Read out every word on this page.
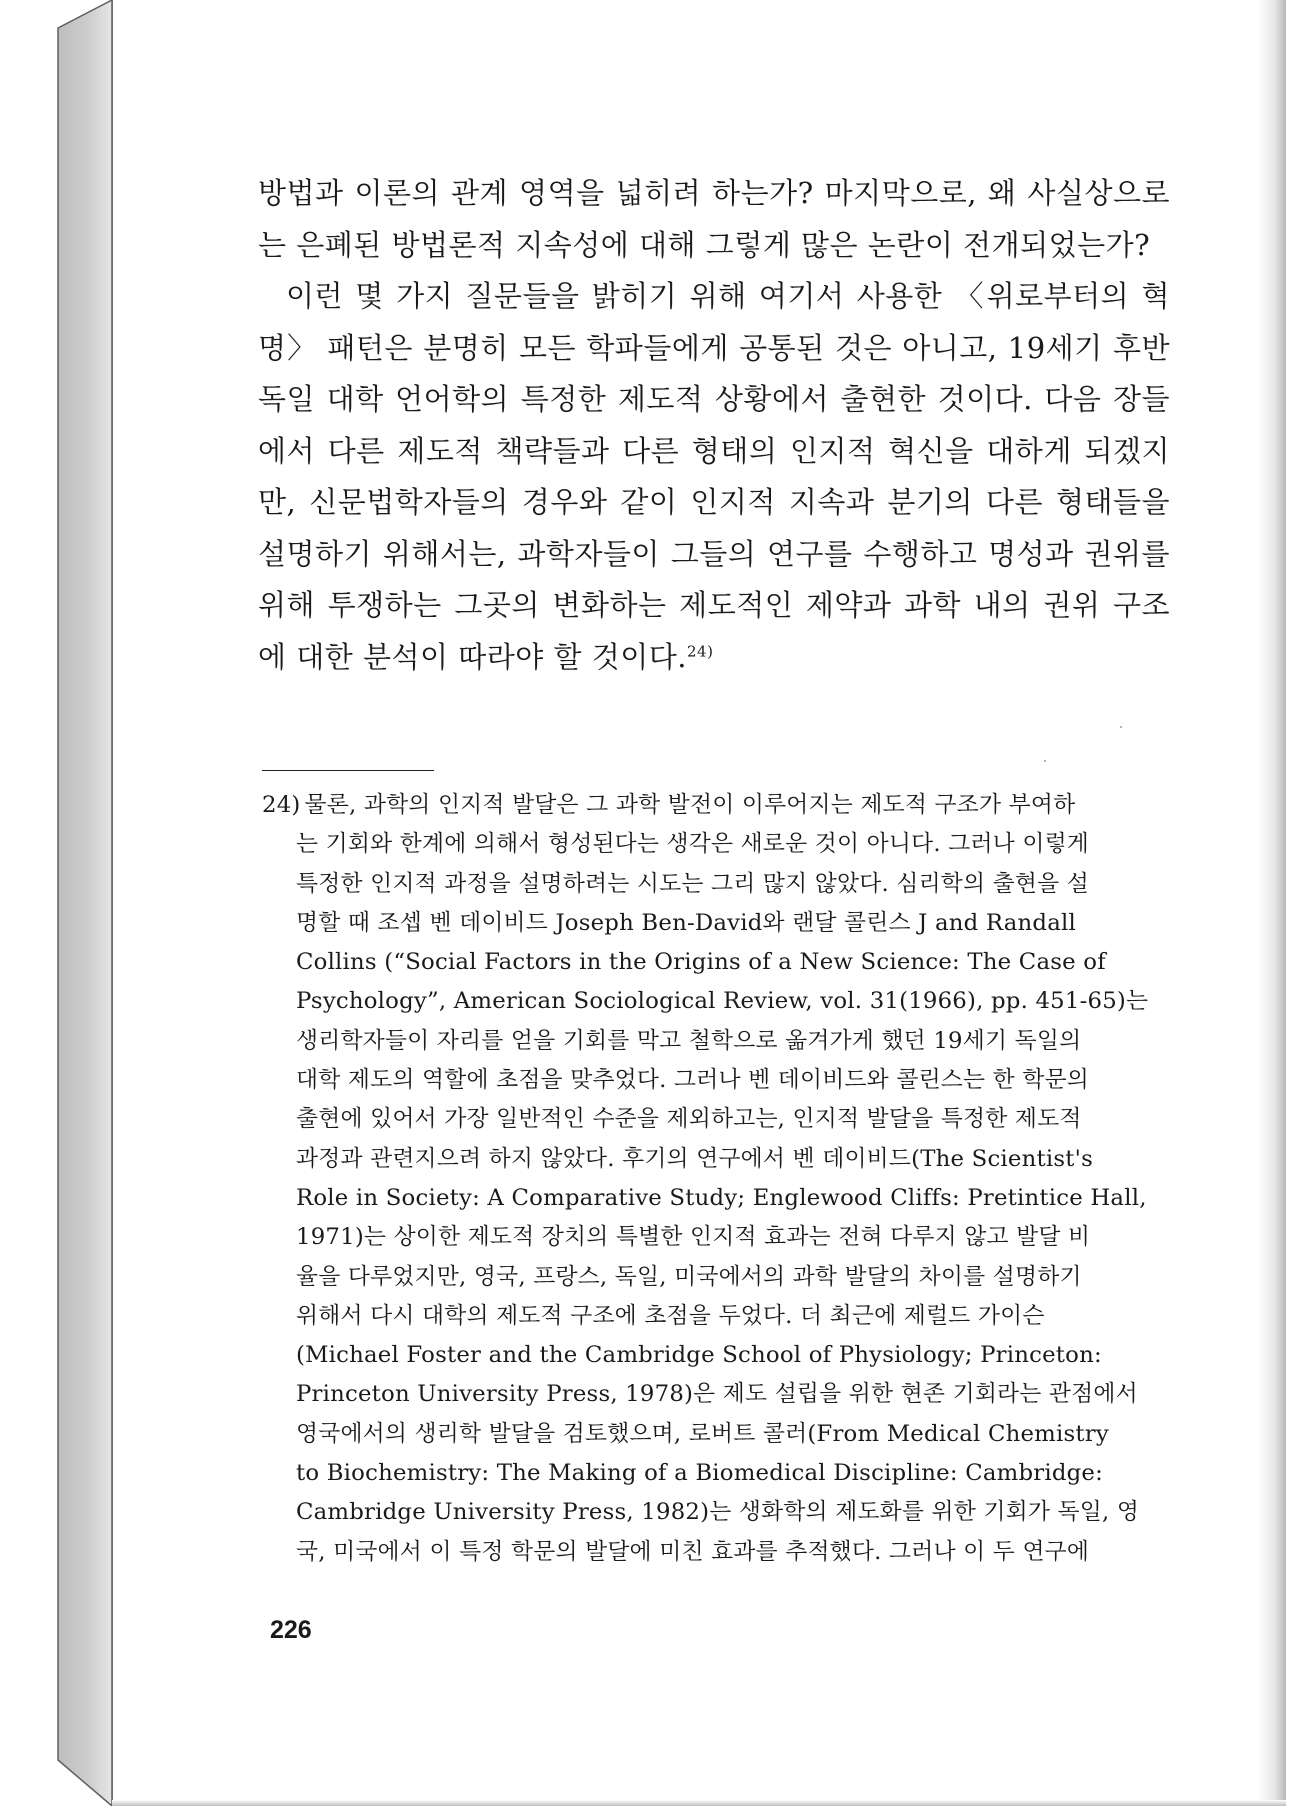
방법과 이론의 관계 영역을 넓히려 하는가? 마지막으로, 왜 사실상으로는 은폐된 방법론적 지속성에 대해 그렇게 많은 논란이 전개되었는가?

이런 몇 가지 질문들을 밝히기 위해 여기서 사용한 〈위로부터의 혁명〉 패턴은 분명히 모든 학파들에게 공통된 것은 아니고, 19세기 후반 독일 대학 언어학의 특정한 제도적 상황에서 출현한 것이다. 다음 장들에서 다른 제도적 책략들과 다른 형태의 인지적 혁신을 대하게 되겠지만, 신문법학자들의 경우와 같이 인지적 지속과 분기의 다른 형태들을 설명하기 위해서는, 과학자들이 그들의 연구를 수행하고 명성과 권위를 위해 투쟁하는 그곳의 변화하는 제도적인 제약과 과학 내의 권위 구조에 대한 분석이 따라야 할 것이다.$^{24)}$

24) 물론, 과학의 인지적 발달은 그 과학 발전이 이루어지는 제도적 구조가 부여하
는 기회와 한계에 의해서 형성된다는 생각은 새로운 것이 아니다. 그러나 이렇게
특정한 인지적 과정을 설명하려는 시도는 그리 많지 않았다. 심리학의 출현을 설
명할 때 조셉 벤 데이비드 Joseph Ben-David와 랜달 콜린스 J and Randall
Collins (“Social Factors in the Origins of a New Science: The Case of
Psychology”, American Sociological Review, vol. 31(1966), pp. 451-65)는
생리학자들이 자리를 얻을 기회를 막고 철학으로 옮겨가게 했던 19세기 독일의
대학 제도의 역할에 초점을 맞추었다. 그러나 벤 데이비드와 콜린스는 한 학문의
출현에 있어서 가장 일반적인 수준을 제외하고는, 인지적 발달을 특정한 제도적
과정과 관련지으려 하지 않았다. 후기의 연구에서 벤 데이비드(The Scientist's
Role in Society: A Comparative Study; Englewood Cliffs: Pretintice Hall,
1971)는 상이한 제도적 장치의 특별한 인지적 효과는 전혀 다루지 않고 발달 비
율을 다루었지만, 영국, 프랑스, 독일, 미국에서의 과학 발달의 차이를 설명하기
위해서 다시 대학의 제도적 구조에 초점을 두었다. 더 최근에 제럴드 가이슨
(Michael Foster and the Cambridge School of Physiology; Princeton:
Princeton University Press, 1978)은 제도 설립을 위한 현존 기회라는 관점에서
영국에서의 생리학 발달을 검토했으며, 로버트 콜러(From Medical Chemistry
to Biochemistry: The Making of a Biomedical Discipline: Cambridge:
Cambridge University Press, 1982)는 생화학의 제도화를 위한 기회가 독일, 영
국, 미국에서 이 특정 학문의 발달에 미친 효과를 추적했다. 그러나 이 두 연구에
226
